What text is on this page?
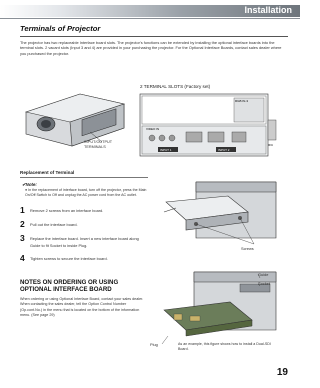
Installation
Terminals of Projector
The projector has two replaceable Interface board slots. The projector's functions can be extended by installing the optional interface boards into the terminal slots. 2 vacant slots (Input 3 and 4) are provided in your purchasing the projector. For the Optional Interface Boards, contact sales dealer where you purchased the projector.
INPUT/OUTPUT
TERMINALS
2 TERMINAL SLOTS (Factory set)
RGB IN-3
VIDEO IN
INPUT 1	INPUT 2
R/C
Replacement of Terminal
✔Note:
● In the replacement of interface board, turn off the projector, press the Main On/Off Switch to Off and unplug the AC power cord from the AC outlet.
1	Remove 2 screws from an interface board.
2	Pull out the interface board.
3	Replace the interface board. Insert a new interface board along Guide to fit Socket to inside Plug.
4	Tighten screws to secure the interface board.
Screws
NOTES ON ORDERING OR USING
OPTIONAL INTERFACE BOARD
When ordering or using Optional Interface Board, contact your sales dealer. When contacting the sales dealer, tell the Option Control Number (Op.cont.No.) in the menu that is located on the bottom of the information menu. (See page 29)
Guide
Socket
Plug	As an example, this figure shows how to install a Dual-SDI Board.
19
